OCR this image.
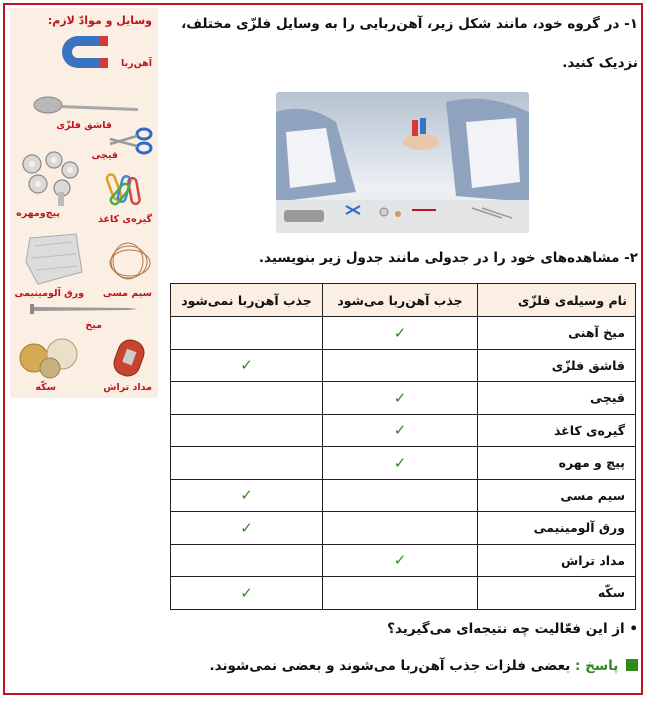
وسایل و موادّ لازم:
آهن‌ربا
قاشق فلزّی
قیچی
پیچ‌ومهره
گیره‌ی کاغذ
ورق آلومینیمی سیم مسی
میخ
سکّه	مداد تراش
۱- در گروه خود، مانند شکل زیر، آهن‌ربایی را به وسایل فلزّی مختلف،
نزدیک کنید.
۲- مشاهده‌های خود را در جدولی مانند جدول زیر بنویسید.
نام وسیله‌ی فلزّی	جذب آهن‌ربا می‌شود	جذب آهن‌ربا نمی‌شود
میخ آهنی	✓	
قاشق فلزّی		✓
قیچی	✓	
گیره‌ی کاغذ	✓	
پیچ و مهره	✓	
سیم مسی		✓
ورق آلومینیمی		✓
مداد تراش	✓	
سکّه		✓
• از این فعّالیت چه نتیجه‌ای می‌گیرید؟
پاسخ : بعضی فلزات جذب آهن‌ربا می‌شوند و بعضی نمی‌شوند.
